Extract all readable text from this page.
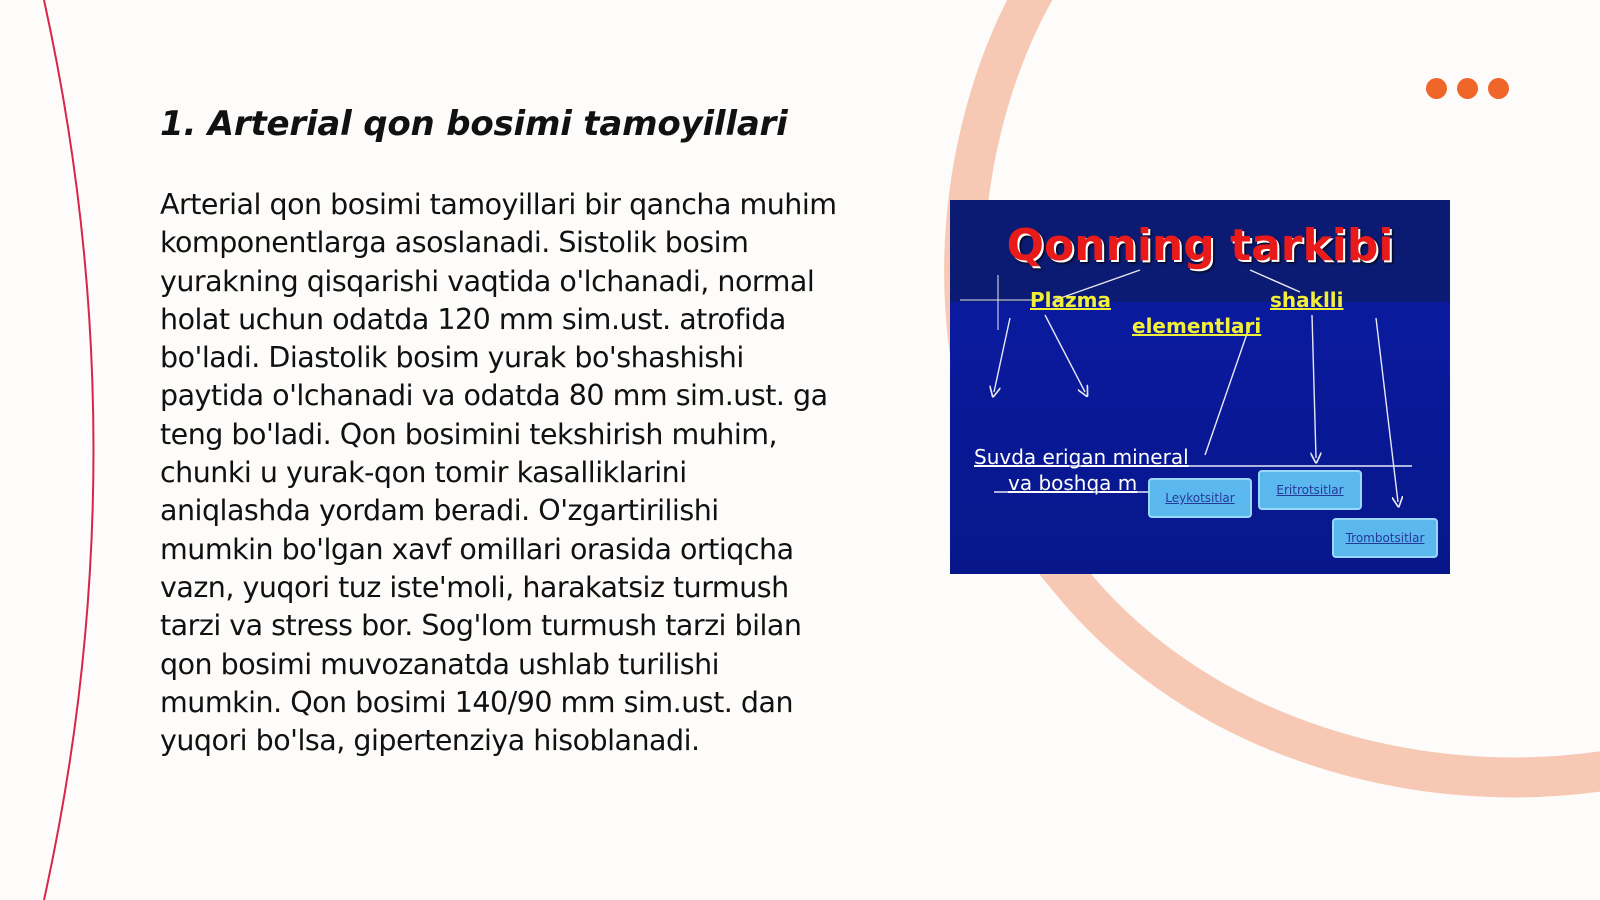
1. Arterial qon bosimi tamoyillari

Arterial qon bosimi tamoyillari bir qancha muhim komponentlarga asoslanadi. Sistolik bosim yurakning qisqarishi vaqtida o'lchanadi, normal holat uchun odatda 120 mm sim.ust. atrofida bo'ladi. Diastolik bosim yurak bo'shashishi paytida o'lchanadi va odatda 80 mm sim.ust. ga teng bo'ladi. Qon bosimini tekshirish muhim, chunki u yurak-qon tomir kasalliklarini aniqlashda yordam beradi. O'zgartirilishi mumkin bo'lgan xavf omillari orasida ortiqcha vazn, yuqori tuz iste'moli, harakatsiz turmush tarzi va stress bor. Sog'lom turmush tarzi bilan qon bosimi muvozanatda ushlab turilishi mumkin. Qon bosimi 140/90 mm sim.ust. dan yuqori bo'lsa, gipertenziya hisoblanadi.

Qonning tarkibi
Plazma	shaklli
elementlari
Suvda erigan mineral
va boshqa m
Leykotsitlar
Eritrotsitlar
Trombotsitlar
